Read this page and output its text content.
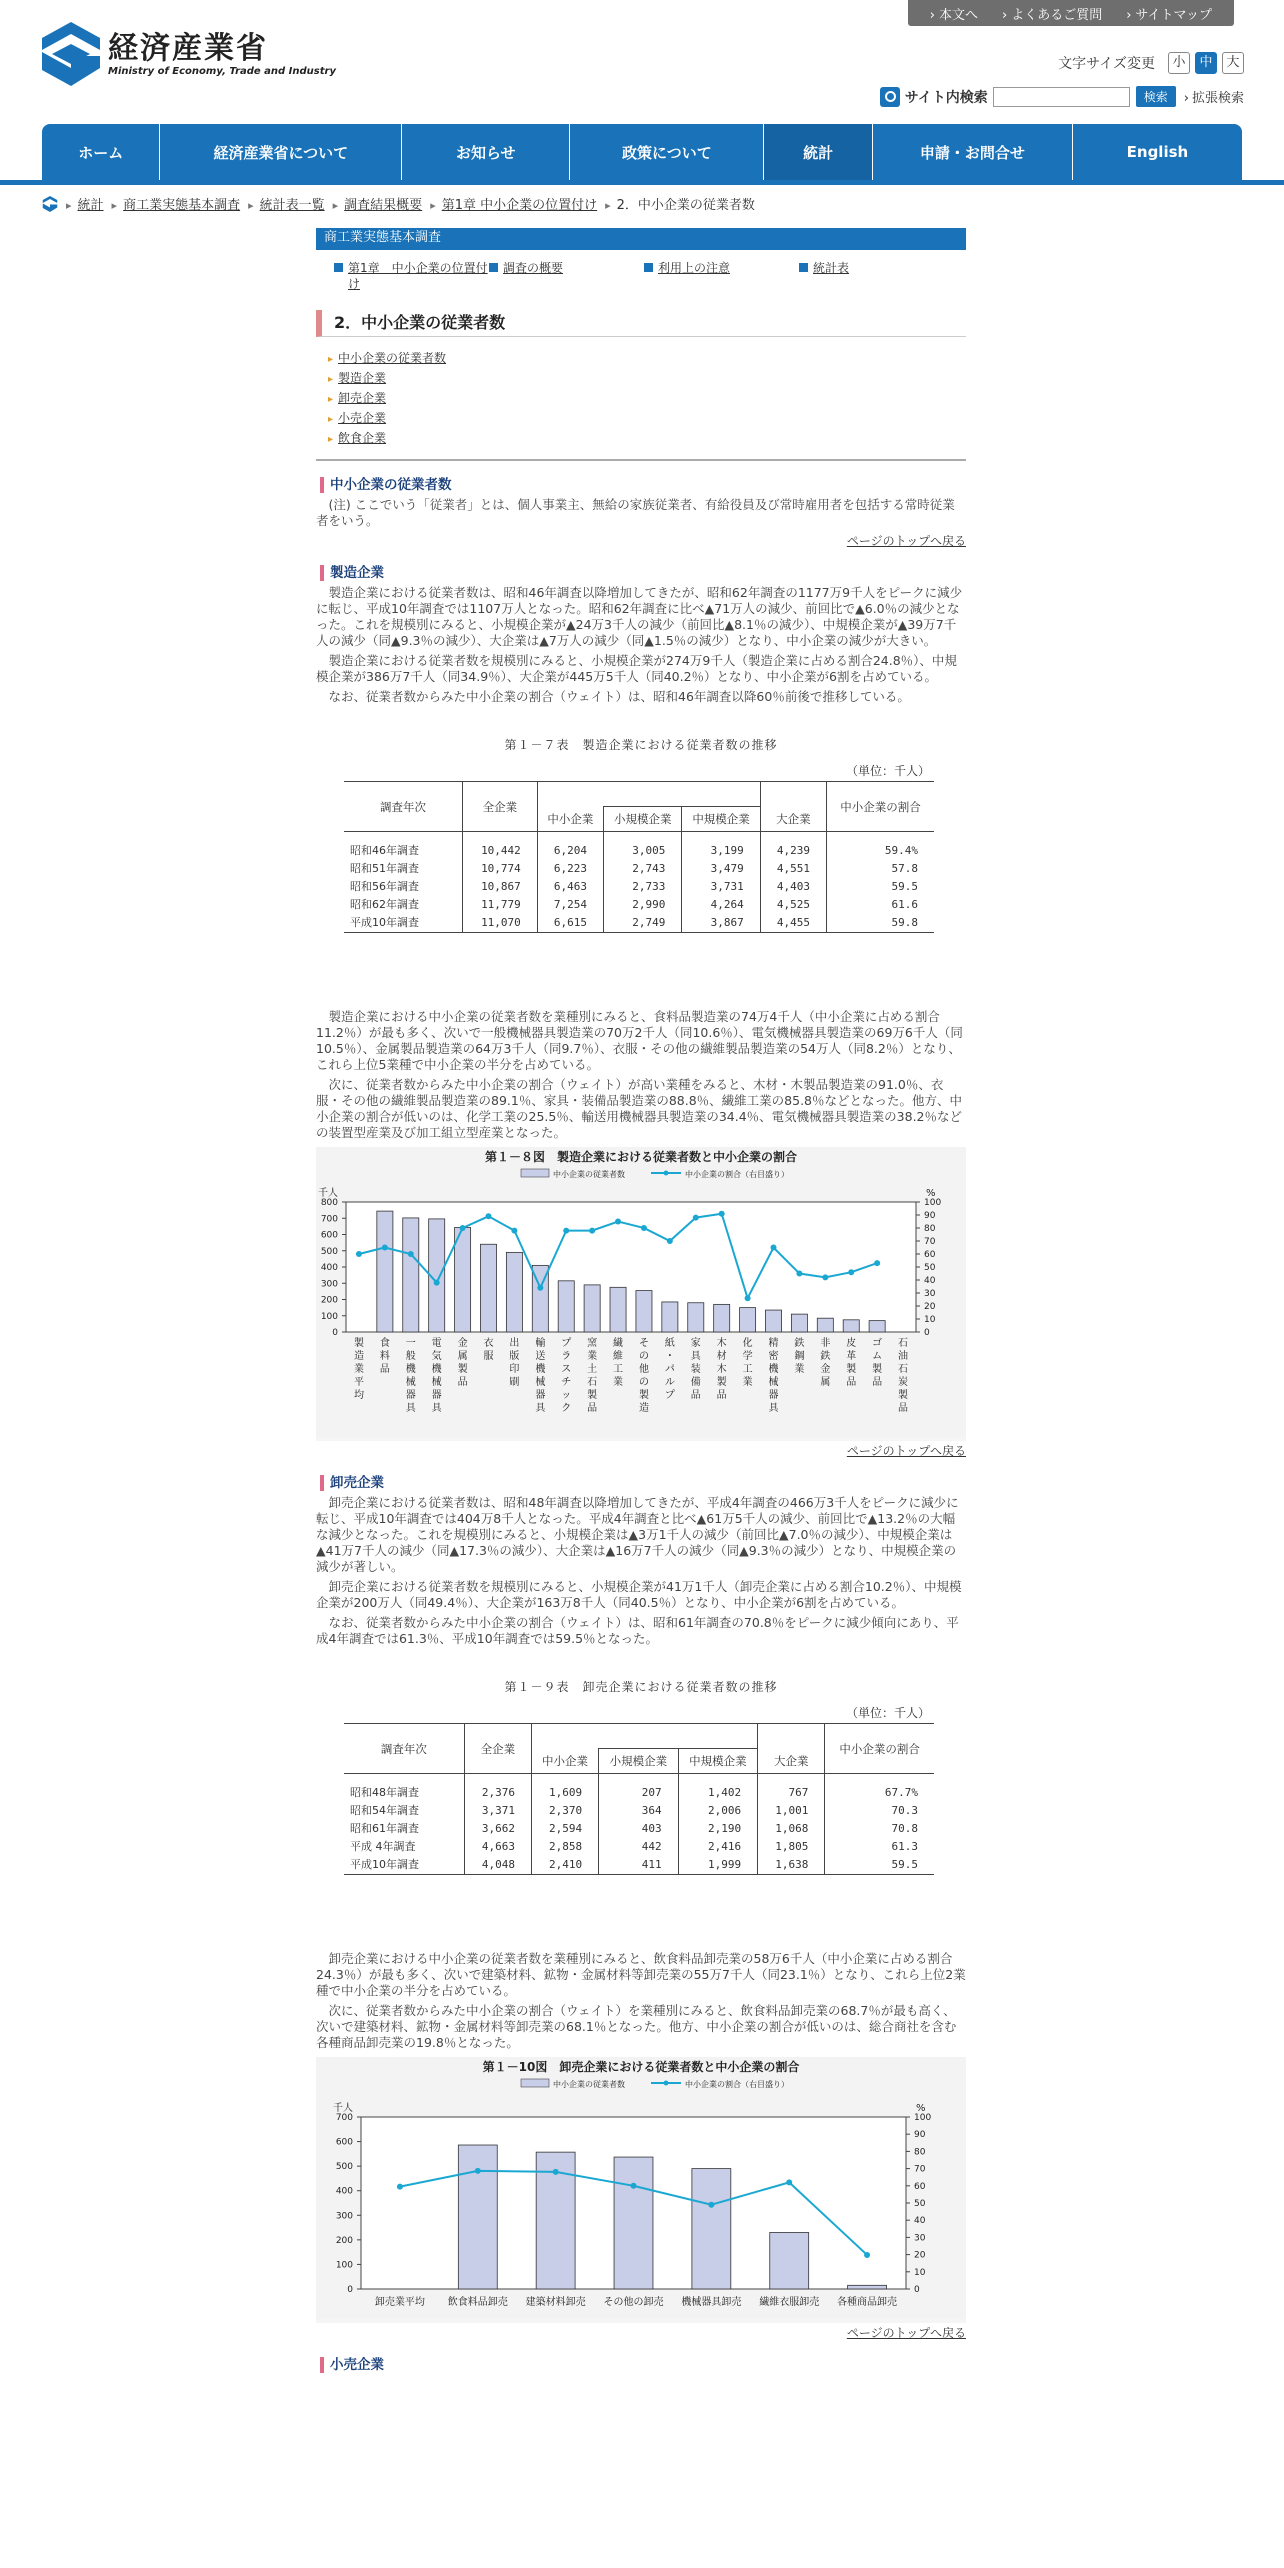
› 本文へ	› よくあるご質問	› サイトマップ
経済産業省
Ministry of Economy, Trade and Industry	文字サイズ変更	小	中	大
サイト内検索	検索	› 拡張検索
ホーム	経済産業省について	お知らせ	政策について	統計	申請・お問合せ	English
▸ 統計	▸ 商工業実態基本調査	▸ 統計表一覧	▸ 調査結果概要	▸ 第1章 中小企業の位置付け	▸ 2．中小企業の従業者数
商工業実態基本調査
第1章　中小企業の位置付け
調査の概要	利用上の注意	統計表
2．中小企業の従業者数
▸ 中小企業の従業者数
▸ 製造企業
▸ 卸売企業
▸ 小売企業
▸ 飲食企業
中小企業の従業者数
(注) ここでいう「従業者」とは、個人事業主、無給の家族従業者、有給役員及び常時雇用者を包括する常時従業者をいう。
ページのトップへ戻る
製造企業
製造企業における従業者数は、昭和46年調査以降増加してきたが、昭和62年調査の1177万9千人をピークに減少に転じ、平成10年調査では1107万人となった。昭和62年調査に比べ▲71万人の減少、前回比で▲6.0％の減少となった。これを規模別にみると、小規模企業が▲24万3千人の減少（前回比▲8.1％の減少）、中規模企業が▲39万7千人の減少（同▲9.3％の減少）、大企業は▲7万人の減少（同▲1.5％の減少）となり、中小企業の減少が大きい。
製造企業における従業者数を規模別にみると、小規模企業が274万9千人（製造企業に占める割合24.8％）、中規模企業が386万7千人（同34.9％）、大企業が445万5千人（同40.2％）となり、中小企業が6割を占めている。
なお、従業者数からみた中小企業の割合（ウェイト）は、昭和46年調査以降60％前後で推移している。
第１－７表　製造企業における従業者数の推移
（単位：千人）
調査年次	全企業					中小企業の割合
		中小企業	小規模企業	中規模企業	大企業	

昭和46年調査	10,442	6,204	3,005	3,199	4,239	59.4%
昭和51年調査	10,774	6,223	2,743	3,479	4,551	57.8
昭和56年調査	10,867	6,463	2,733	3,731	4,403	59.5
昭和62年調査	11,779	7,254	2,990	4,264	4,525	61.6
平成10年調査	11,070	6,615	2,749	3,867	4,455	59.8
製造企業における中小企業の従業者数を業種別にみると、食料品製造業の74万4千人（中小企業に占める割合11.2％）が最も多く、次いで一般機械器具製造業の70万2千人（同10.6％）、電気機械器具製造業の69万6千人（同10.5％）、金属製品製造業の64万3千人（同9.7％）、衣服・その他の繊維製品製造業の54万人（同8.2％）となり、これら上位5業種で中小企業の半分を占めている。
次に、従業者数からみた中小企業の割合（ウェイト）が高い業種をみると、木材・木製品製造業の91.0％、衣服・その他の繊維製品製造業の89.1％、家具・装備品製造業の88.8％、繊維工業の85.8％などとなった。他方、中小企業の割合が低いのは、化学工業の25.5％、輸送用機械器具製造業の34.4％、電気機械器具製造業の38.2％などの装置型産業及び加工組立型産業となった。
第１－８図　製造企業における従業者数と中小企業の割合
中小企業の従業者数	中小企業の割合（右目盛り）
千人	%
0
100
200
300
400
500
600
700
800
0
10
20
30
40
50
60
70
80
90
100
製造業平均
食料品
一般機械器具
電気機械器具
金属製品
衣服
出版印刷
輸送機械器具
プラスチック
窯業土石製品
繊維工業
その他の製造
紙・パルプ
家具装備品
木材木製品
化学工業
精密機械器具
鉄鋼業
非鉄金属
皮革製品
ゴム製品
石油石炭製品
ページのトップへ戻る
卸売企業
卸売企業における従業者数は、昭和48年調査以降増加してきたが、平成4年調査の466万3千人をピークに減少に転じ、平成10年調査では404万8千人となった。平成4年調査と比べ▲61万5千人の減少、前回比で▲13.2％の大幅な減少となった。これを規模別にみると、小規模企業は▲3万1千人の減少（前回比▲7.0％の減少）、中規模企業は▲41万7千人の減少（同▲17.3％の減少）、大企業は▲16万7千人の減少（同▲9.3％の減少）となり、中規模企業の減少が著しい。
卸売企業における従業者数を規模別にみると、小規模企業が41万1千人（卸売企業に占める割合10.2％）、中規模企業が200万人（同49.4％）、大企業が163万8千人（同40.5％）となり、中小企業が6割を占めている。
なお、従業者数からみた中小企業の割合（ウェイト）は、昭和61年調査の70.8％をピークに減少傾向にあり、平成4年調査では61.3％、平成10年調査では59.5％となった。
第１－９表　卸売企業における従業者数の推移
（単位：千人）
調査年次	全企業					中小企業の割合
		中小企業	小規模企業	中規模企業	大企業	

昭和48年調査	2,376	1,609	207	1,402	767	67.7%
昭和54年調査	3,371	2,370	364	2,006	1,001	70.3
昭和61年調査	3,662	2,594	403	2,190	1,068	70.8
平成 4年調査	4,663	2,858	442	2,416	1,805	61.3
平成10年調査	4,048	2,410	411	1,999	1,638	59.5
卸売企業における中小企業の従業者数を業種別にみると、飲食料品卸売業の58万6千人（中小企業に占める割合24.3％）が最も多く、次いで建築材料、鉱物・金属材料等卸売業の55万7千人（同23.1％）となり、これら上位2業種で中小企業の半分を占めている。
次に、従業者数からみた中小企業の割合（ウェイト）を業種別にみると、飲食料品卸売業の68.7％が最も高く、次いで建築材料、鉱物・金属材料等卸売業の68.1％となった。他方、中小企業の割合が低いのは、総合商社を含む各種商品卸売業の19.8％となった。
第１－10図　卸売企業における従業者数と中小企業の割合
中小企業の従業者数	中小企業の割合（右目盛り）
千人	%
0
100
200
300
400
500
600
700
0
10
20
30
40
50
60
70
80
90
100
卸売業平均 飲食料品卸売 建築材料卸売 その他の卸売 機械器具卸売 繊維衣服卸売 各種商品卸売
ページのトップへ戻る
小売企業
